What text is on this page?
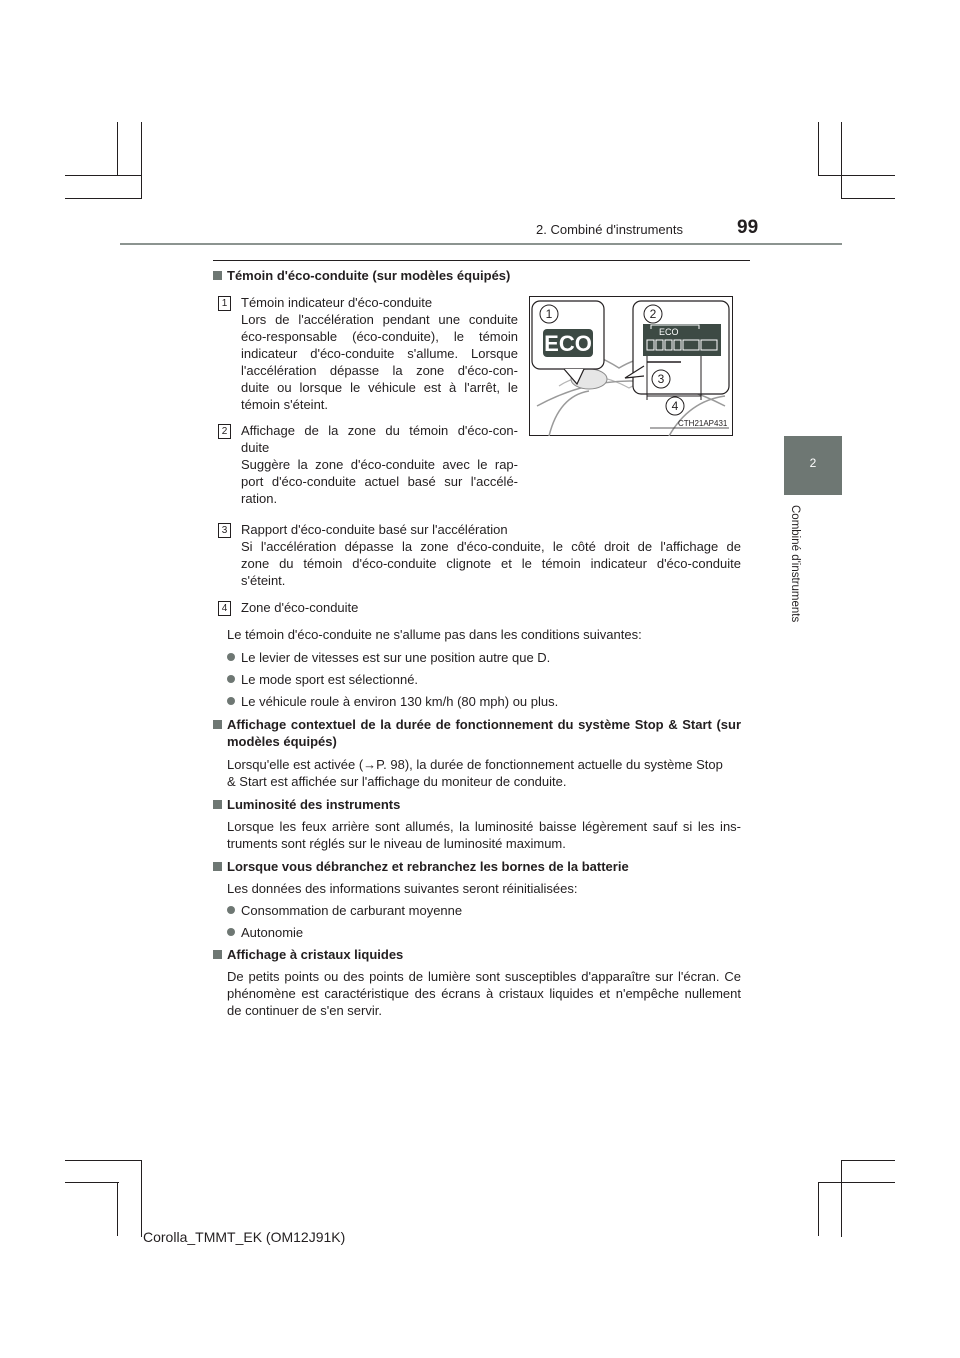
2. Combiné d'instruments	99
2
Combiné d'instruments
Témoin d'éco-conduite (sur modèles équipés)
1 Témoin indicateur d'éco-conduite
Lors de l'accélération pendant une conduite
éco-responsable (éco-conduite), le témoin
indicateur d'éco-conduite s'allume. Lorsque
l'accélération dépasse la zone d'éco-con-
duite ou lorsque le véhicule est à l'arrêt, le
témoin s'éteint.
2 Affichage de la zone du témoin d'éco-con-
duite
Suggère la zone d'éco-conduite avec le rap-
port d'éco-conduite actuel basé sur l'accélé-
ration.
ECO
1
ECO
3
4
2
CTH21AP431
3 Rapport d'éco-conduite basé sur l'accélération
Si l'accélération dépasse la zone d'éco-conduite, le côté droit de l'affichage de
zone du témoin d'éco-conduite clignote et le témoin indicateur d'éco-conduite
s'éteint.
4 Zone d'éco-conduite
Le témoin d'éco-conduite ne s'allume pas dans les conditions suivantes:
Le levier de vitesses est sur une position autre que D.
Le mode sport est sélectionné.
Le véhicule roule à environ 130 km/h (80 mph) ou plus.
Affichage contextuel de la durée de fonctionnement du système Stop & Start (sur
modèles équipés)
Lorsqu'elle est activée (→P. 98), la durée de fonctionnement actuelle du système Stop
& Start est affichée sur l'affichage du moniteur de conduite.
Luminosité des instruments
Lorsque les feux arrière sont allumés, la luminosité baisse légèrement sauf si les ins-
truments sont réglés sur le niveau de luminosité maximum.
Lorsque vous débranchez et rebranchez les bornes de la batterie
Les données des informations suivantes seront réinitialisées:
Consommation de carburant moyenne
Autonomie
Affichage à cristaux liquides
De petits points ou des points de lumière sont susceptibles d'apparaître sur l'écran. Ce
phénomène est caractéristique des écrans à cristaux liquides et n'empêche nullement
de continuer de s'en servir.
Corolla_TMMT_EK (OM12J91K)
